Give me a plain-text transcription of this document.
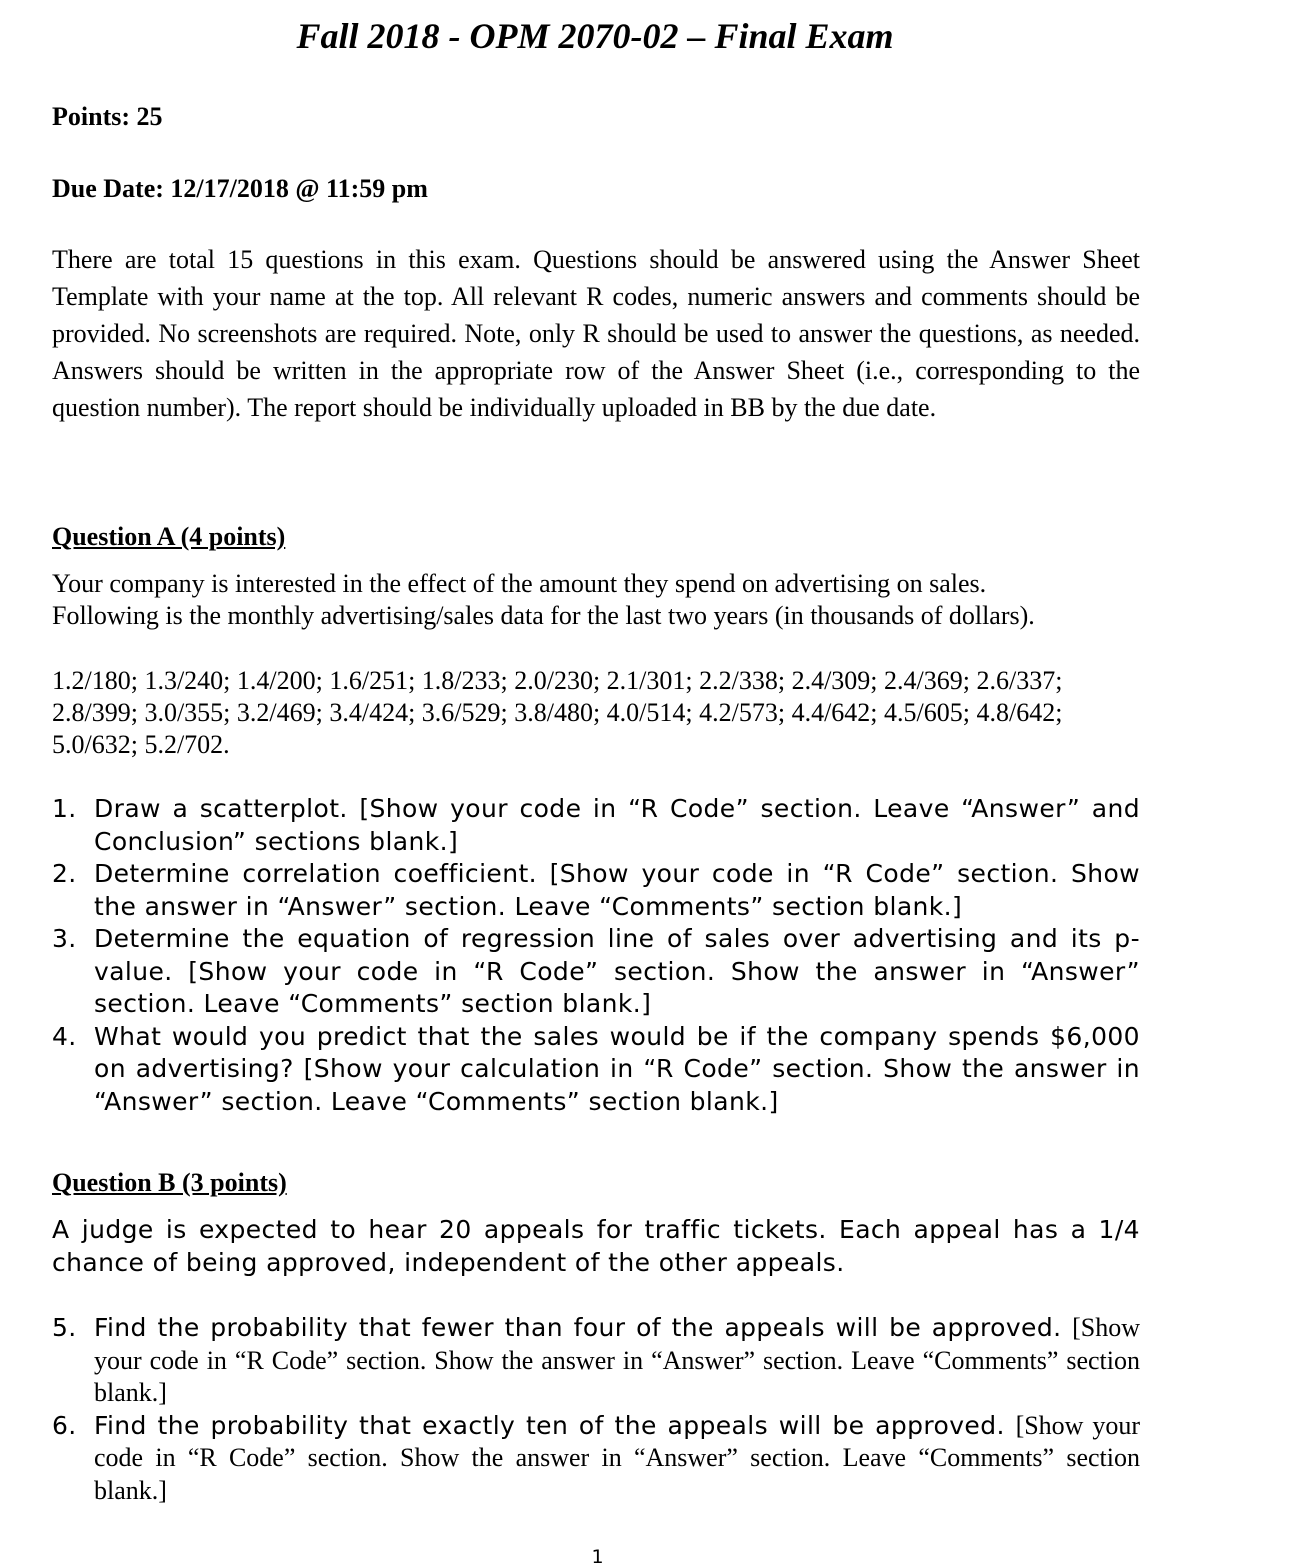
Fall 2018 - OPM 2070-02 – Final Exam

Points: 25

Due Date: 12/17/2018 @ 11:59 pm

There are total 15 questions in this exam. Questions should be answered using the Answer Sheet Template with your name at the top. All relevant R codes, numeric answers and comments should be provided. No screenshots are required. Note, only R should be used to answer the questions, as needed. Answers should be written in the appropriate row of the Answer Sheet (i.e., corresponding to the question number). The report should be individually uploaded in BB by the due date.

Question A (4 points)
Your company is interested in the effect of the amount they spend on advertising on sales.
Following is the monthly advertising/sales data for the last two years (in thousands of dollars).
1.2/180; 1.3/240; 1.4/200; 1.6/251; 1.8/233; 2.0/230; 2.1/301; 2.2/338; 2.4/309; 2.4/369; 2.6/337;
2.8/399; 3.0/355; 3.2/469; 3.4/424; 3.6/529; 3.8/480; 4.0/514; 4.2/573; 4.4/642; 4.5/605; 4.8/642;
5.0/632; 5.2/702.
1. Draw a scatterplot. [Show your code in “R Code” section. Leave “Answer” and Conclusion” sections blank.]
2. Determine correlation coefficient. [Show your code in “R Code” section. Show the answer in “Answer” section. Leave “Comments” section blank.]
3. Determine the equation of regression line of sales over advertising and its p-value. [Show your code in “R Code” section. Show the answer in “Answer” section. Leave “Comments” section blank.]
4. What would you predict that the sales would be if the company spends $6,000 on advertising? [Show your calculation in “R Code” section. Show the answer in “Answer” section. Leave “Comments” section blank.]
Question B (3 points)

A judge is expected to hear 20 appeals for traffic tickets. Each appeal has a 1/4 chance of being approved, independent of the other appeals.

5. Find the probability that fewer than four of the appeals will be approved. [Show your code in “R Code” section. Show the answer in “Answer” section. Leave “Comments” section blank.]
6. Find the probability that exactly ten of the appeals will be approved. [Show your code in “R Code” section. Show the answer in “Answer” section. Leave “Comments” section blank.]
1
